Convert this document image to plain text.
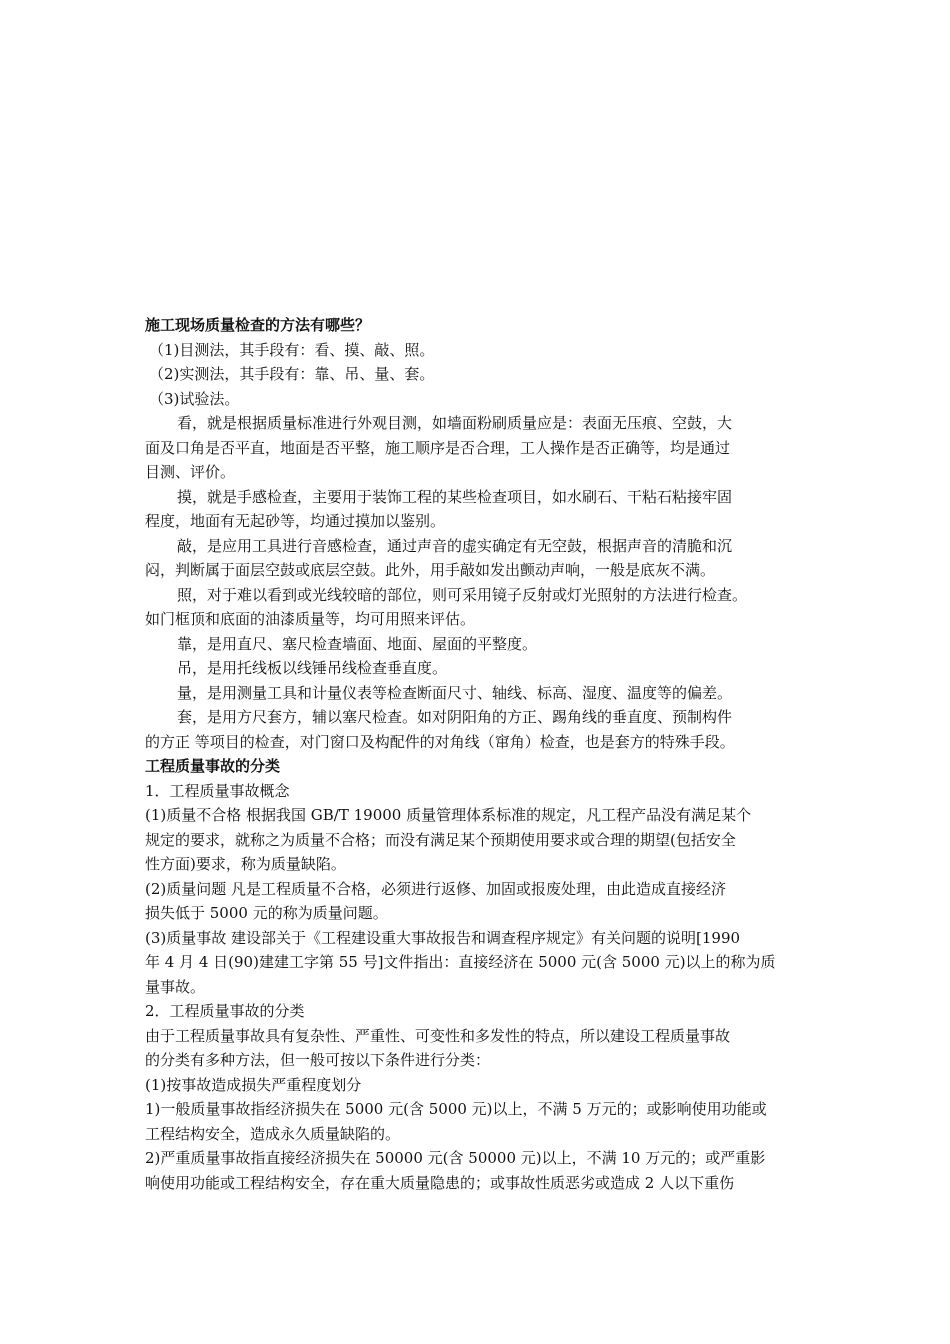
施工现场质量检查的方法有哪些？

（1)目测法，其手段有：看、摸、敲、照。

（2)实测法，其手段有：靠、吊、量、套。

（3)试验法。

看，就是根据质量标准进行外观目测，如墙面粉刷质量应是：表面无压痕、空鼓，大

面及口角是否平直，地面是否平整，施工顺序是否合理，工人操作是否正确等，均是通过

目测、评价。

摸，就是手感检查，主要用于装饰工程的某些检查项目，如水刷石、干粘石粘接牢固

程度，地面有无起砂等，均通过摸加以鉴别。

敲，是应用工具进行音感检查，通过声音的虚实确定有无空鼓，根据声音的清脆和沉

闷，判断属于面层空鼓或底层空鼓。此外，用手敲如发出颤动声响，一般是底灰不满。

照，对于难以看到或光线较暗的部位，则可采用镜子反射或灯光照射的方法进行检查。

如门框顶和底面的油漆质量等，均可用照来评估。

靠，是用直尺、塞尺检查墙面、地面、屋面的平整度。

吊，是用托线板以线锤吊线检查垂直度。

量，是用测量工具和计量仪表等检查断面尺寸、轴线、标高、湿度、温度等的偏差。

套，是用方尺套方，辅以塞尺检查。如对阴阳角的方正、踢角线的垂直度、预制构件

的方正 等项目的检查，对门窗口及构配件的对角线（窜角）检查，也是套方的特殊手段。

工程质量事故的分类

1．工程质量事故概念

(1)质量不合格 根据我国 GB/T 19000 质量管理体系标准的规定，凡工程产品没有满足某个

规定的要求，就称之为质量不合格；而没有满足某个预期使用要求或合理的期望(包括安全

性方面)要求，称为质量缺陷。

(2)质量问题 凡是工程质量不合格，必须进行返修、加固或报废处理，由此造成直接经济

损失低于 5000 元的称为质量问题。

(3)质量事故 建设部关于《工程建设重大事故报告和调查程序规定》有关问题的说明[1990

年 4 月 4 日(90)建建工字第 55 号]文件指出：直接经济在 5000 元(含 5000 元)以上的称为质

量事故。

2．工程质量事故的分类

由于工程质量事故具有复杂性、严重性、可变性和多发性的特点，所以建设工程质量事故

的分类有多种方法，但一般可按以下条件进行分类：

(1)按事故造成损失严重程度划分

1)一般质量事故指经济损失在 5000 元(含 5000 元)以上，不满 5 万元的；或影响使用功能或

工程结构安全，造成永久质量缺陷的。

2)严重质量事故指直接经济损失在 50000 元(含 50000 元)以上，不满 10 万元的；或严重影

响使用功能或工程结构安全，存在重大质量隐患的；或事故性质恶劣或造成 2 人以下重伤
